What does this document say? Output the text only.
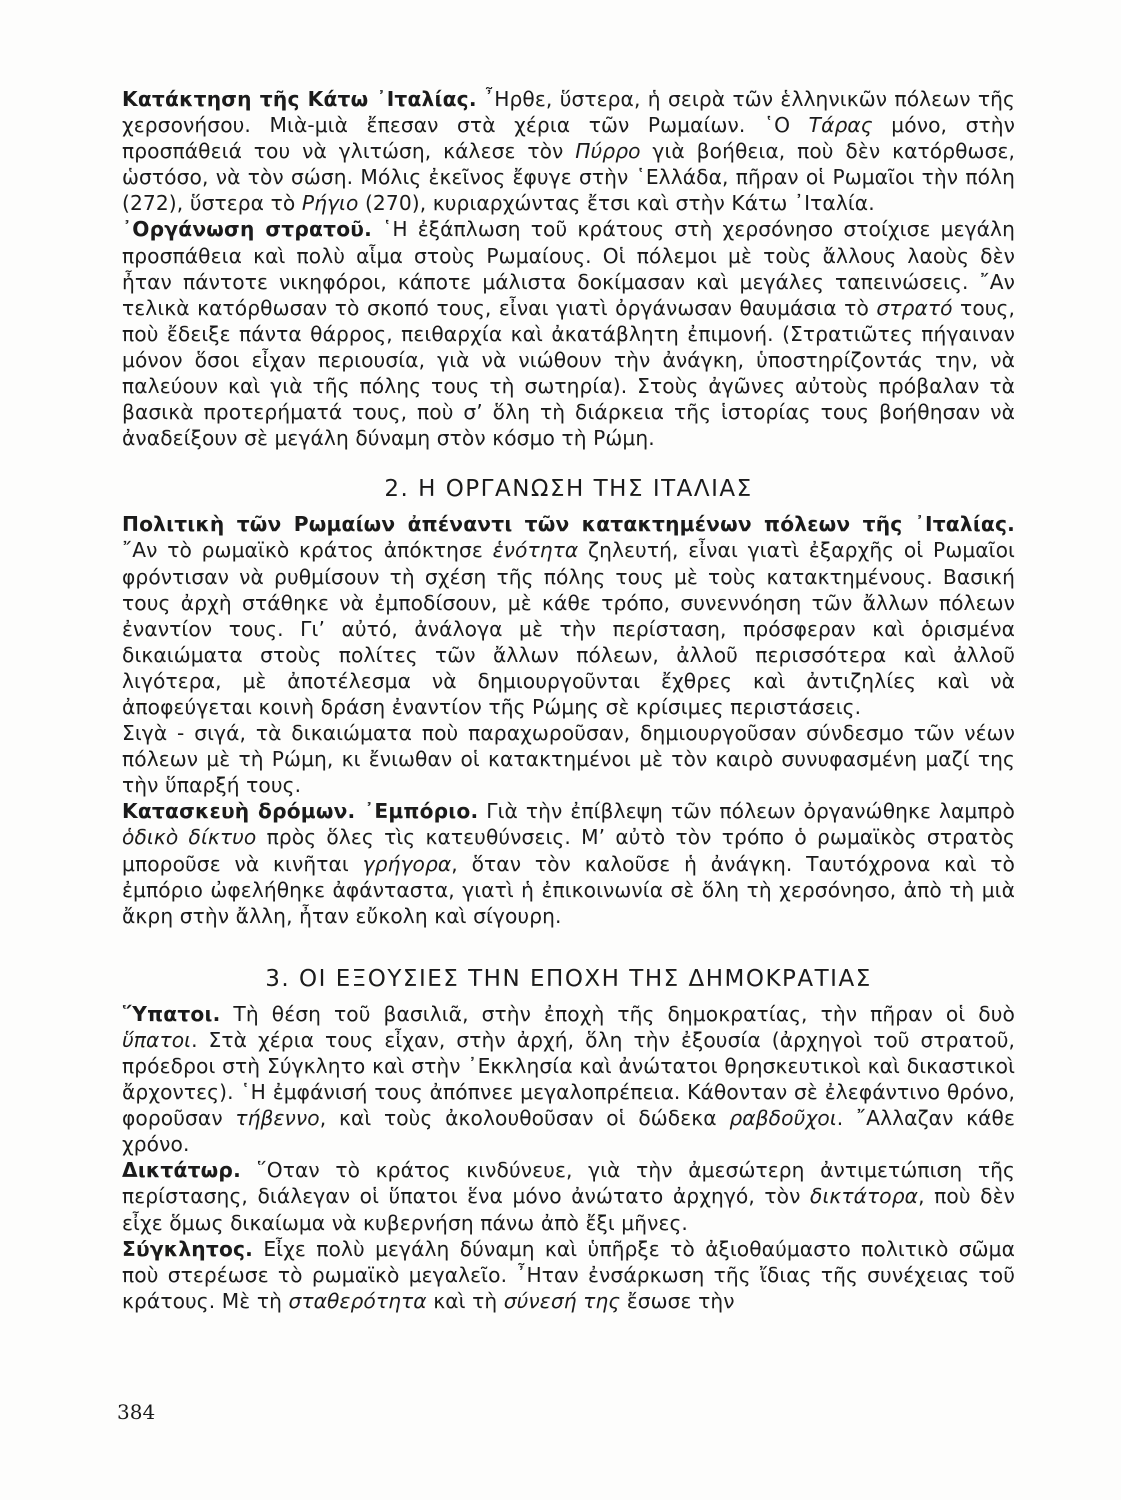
Κατάκτηση τῆς Κάτω ᾿Ιταλίας. ῏Ηρθε, ὕστερα, ἡ σειρὰ τῶν ἑλληνικῶν πόλεων τῆς χερσονήσου. Μιὰ-μιὰ ἔπεσαν στὰ χέρια τῶν Ρωμαίων. ῾Ο Τάρας μόνο, στὴν προσπάθειά του νὰ γλιτώση, κάλεσε τὸν Πύρρο γιὰ βοήθεια, ποὺ δὲν κατόρθωσε, ὡστόσο, νὰ τὸν σώση. Μόλις ἐκεῖνος ἔφυγε στὴν ῾Ελλάδα, πῆραν οἱ Ρωμαῖοι τὴν πόλη (272), ὕστερα τὸ Ρήγιο (270), κυριαρχώντας ἔτσι καὶ στὴν Κάτω ᾿Ιταλία.

᾿Οργάνωση στρατοῦ. ῾Η ἐξάπλωση τοῦ κράτους στὴ χερσόνησο στοίχισε μεγάλη προσπάθεια καὶ πολὺ αἷμα στοὺς Ρωμαίους. Οἱ πόλεμοι μὲ τοὺς ἄλλους λαοὺς δὲν ἦταν πάντοτε νικηφόροι, κάποτε μάλιστα δοκίμασαν καὶ μεγάλες ταπεινώσεις. ῎Αν τελικὰ κατόρθωσαν τὸ σκοπό τους, εἶναι γιατὶ ὀργάνωσαν θαυμάσια τὸ στρατό τους, ποὺ ἔδειξε πάντα θάρρος, πειθαρχία καὶ ἀκατάβλητη ἐπιμονή. (Στρατιῶτες πήγαιναν μόνον ὅσοι εἶχαν περιουσία, γιὰ νὰ νιώθουν τὴν ἀνάγκη, ὑποστηρίζοντάς την, νὰ παλεύουν καὶ γιὰ τῆς πόλης τους τὴ σωτηρία). Στοὺς ἀγῶνες αὐτοὺς πρόβαλαν τὰ βασικὰ προτερήματά τους, ποὺ σ’ ὅλη τὴ διάρκεια τῆς ἱστορίας τους βοήθησαν νὰ ἀναδείξουν σὲ μεγάλη δύναμη στὸν κόσμο τὴ Ρώμη.

2. Η ΟΡΓΑΝΩΣΗ ΤΗΣ ΙΤΑΛΙΑΣ

Πολιτικὴ τῶν Ρωμαίων ἀπέναντι τῶν κατακτημένων πόλεων τῆς ᾿Ιταλίας. ῎Αν τὸ ρωμαϊκὸ κράτος ἀπόκτησε ἑνότητα ζηλευτή, εἶναι γιατὶ ἐξαρχῆς οἱ Ρωμαῖοι φρόντισαν νὰ ρυθμίσουν τὴ σχέση τῆς πόλης τους μὲ τοὺς κατακτημένους. Βασική τους ἀρχὴ στάθηκε νὰ ἐμποδίσουν, μὲ κάθε τρόπο, συνεννόηση τῶν ἄλλων πόλεων ἐναντίον τους. Γι’ αὐτό, ἀνάλογα μὲ τὴν περίσταση, πρόσφεραν καὶ ὁρισμένα δικαιώματα στοὺς πολίτες τῶν ἄλλων πόλεων, ἀλλοῦ περισσότερα καὶ ἀλλοῦ λιγότερα, μὲ ἀποτέλεσμα νὰ δημιουργοῦνται ἔχθρες καὶ ἀντιζηλίες καὶ νὰ ἀποφεύγεται κοινὴ δράση ἐναντίον τῆς Ρώμης σὲ κρίσιμες περιστάσεις.

Σιγὰ - σιγά, τὰ δικαιώματα ποὺ παραχωροῦσαν, δημιουργοῦσαν σύνδεσμο τῶν νέων πόλεων μὲ τὴ Ρώμη, κι ἔνιωθαν οἱ κατακτημένοι μὲ τὸν καιρὸ συνυφασμένη μαζί της τὴν ὕπαρξή τους.

Κατασκευὴ δρόμων. ᾿Εμπόριο. Γιὰ τὴν ἐπίβλεψη τῶν πόλεων ὀργανώθηκε λαμπρὸ ὁδικὸ δίκτυο πρὸς ὅλες τὶς κατευθύνσεις. Μ’ αὐτὸ τὸν τρόπο ὁ ρωμαϊκὸς στρατὸς μποροῦσε νὰ κινῆται γρήγορα, ὅταν τὸν καλοῦσε ἡ ἀνάγκη. Ταυτόχρονα καὶ τὸ ἐμπόριο ὠφελήθηκε ἀφάνταστα, γιατὶ ἡ ἐπικοινωνία σὲ ὅλη τὴ χερσόνησο, ἀπὸ τὴ μιὰ ἄκρη στὴν ἄλλη, ἦταν εὔκολη καὶ σίγουρη.

3. ΟΙ ΕΞΟΥΣΙΕΣ ΤΗΝ ΕΠΟΧΗ ΤΗΣ ΔΗΜΟΚΡΑΤΙΑΣ

῞Υπατοι. Τὴ θέση τοῦ βασιλιᾶ, στὴν ἐποχὴ τῆς δημοκρατίας, τὴν πῆραν οἱ δυὸ ὕπατοι. Στὰ χέρια τους εἶχαν, στὴν ἀρχή, ὅλη τὴν ἐξουσία (ἀρχηγοὶ τοῦ στρατοῦ, πρόεδροι στὴ Σύγκλητο καὶ στὴν ᾿Εκκλησία καὶ ἀνώτατοι θρησκευτικοὶ καὶ δικαστικοὶ ἄρχοντες). ῾Η ἐμφάνισή τους ἀπόπνεε μεγαλοπρέπεια. Κάθονταν σὲ ἐλεφάντινο θρόνο, φοροῦσαν τήβεννο, καὶ τοὺς ἀκολουθοῦσαν οἱ δώδεκα ραβδοῦχοι. ῎Αλλαζαν κάθε χρόνο.

Δικτάτωρ. ῞Οταν τὸ κράτος κινδύνευε, γιὰ τὴν ἀμεσώτερη ἀντιμετώπιση τῆς περίστασης, διάλεγαν οἱ ὕπατοι ἕνα μόνο ἀνώτατο ἀρχηγό, τὸν δικτάτορα, ποὺ δὲν εἶχε ὅμως δικαίωμα νὰ κυβερνήση πάνω ἀπὸ ἔξι μῆνες.

Σύγκλητος. Εἶχε πολὺ μεγάλη δύναμη καὶ ὑπῆρξε τὸ ἀξιοθαύμαστο πολιτικὸ σῶμα ποὺ στερέωσε τὸ ρωμαϊκὸ μεγαλεῖο. ῏Ηταν ἐνσάρκωση τῆς ἴδιας τῆς συνέχειας τοῦ κράτους. Μὲ τὴ σταθερότητα καὶ τὴ σύνεσή της ἔσωσε τὴν

384
